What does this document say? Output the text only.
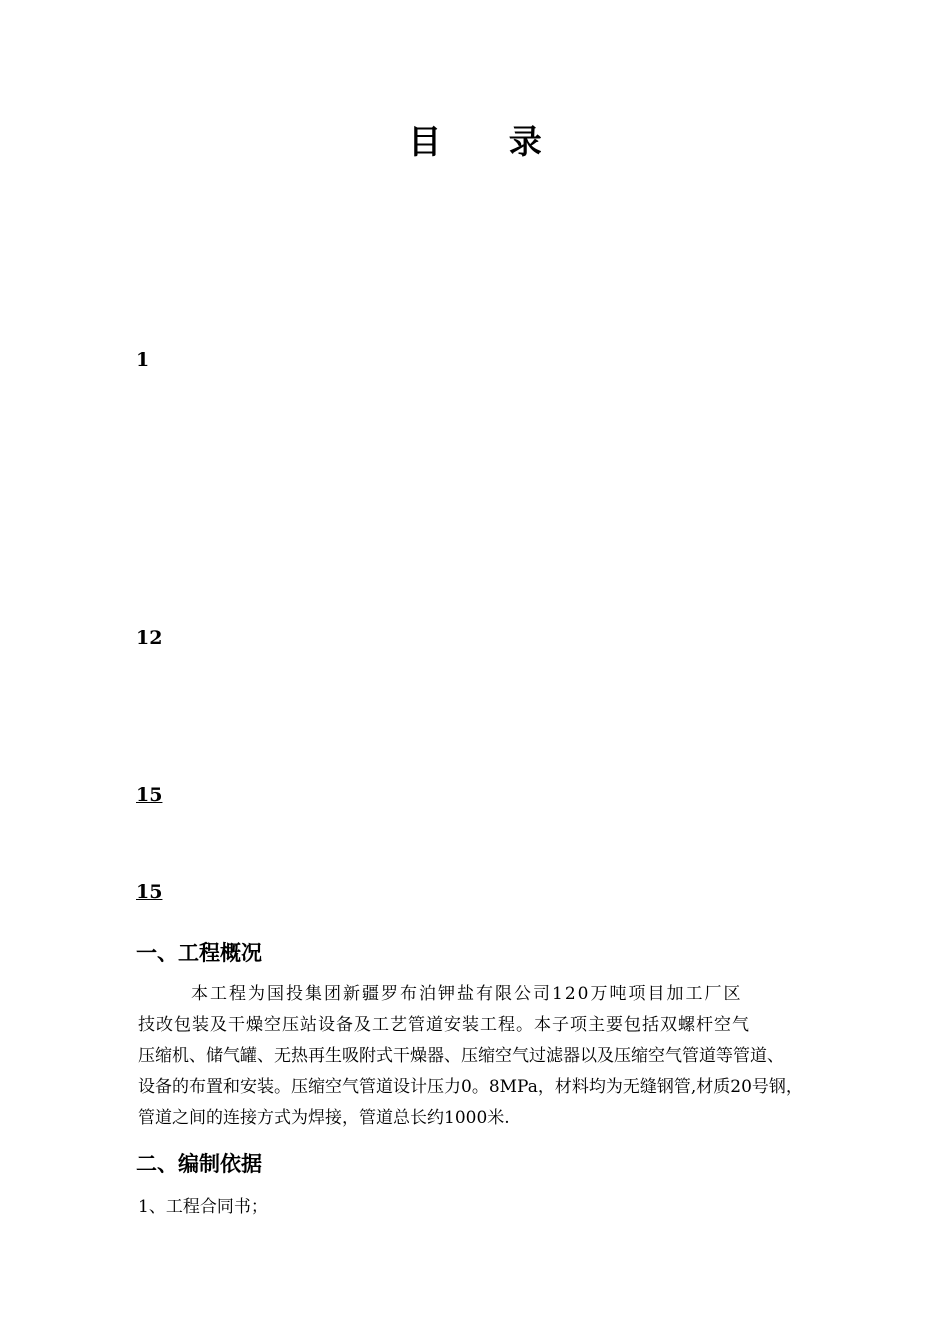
目 录
1
12
15
15
一、工程概况
本工程为国投集团新疆罗布泊钾盐有限公司120万吨项目加工厂区
技改包装及干燥空压站设备及工艺管道安装工程。本子项主要包括双螺杆空气
压缩机、储气罐、无热再生吸附式干燥器、压缩空气过滤器以及压缩空气管道等管道、
设备的布置和安装。压缩空气管道设计压力0。8MPa，材料均为无缝钢管,材质20号钢，
管道之间的连接方式为焊接，管道总长约1000米.
二、编制依据
1、工程合同书；
